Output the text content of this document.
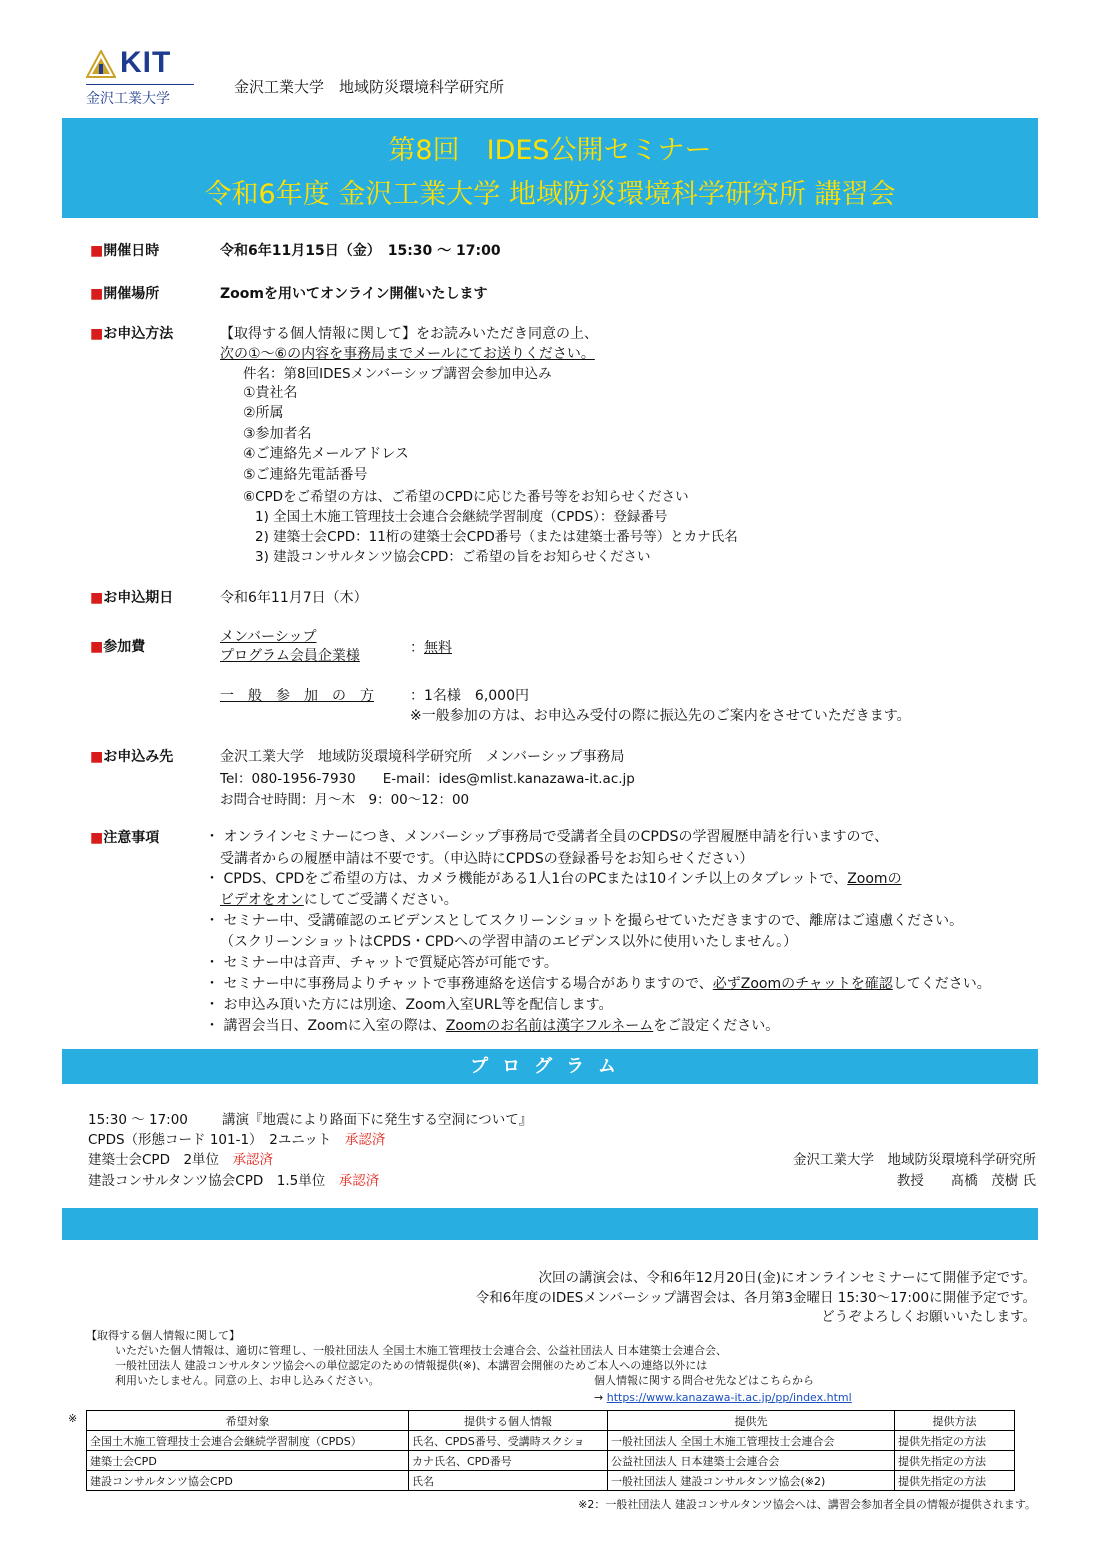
KIT
金沢工業大学
金沢工業大学　地域防災環境科学研究所
第8回　IDES公開セミナー
令和6年度 金沢工業大学 地域防災環境科学研究所 講習会
■開催日時	令和6年11月15日（金）　15:30 ～ 17:00
■開催場所	Zoomを用いてオンライン開催いたします
■お申込方法	【取得する個人情報に関して】をお読みいただき同意の上、
次の①～⑥の内容を事務局までメールにてお送りください。
件名：第8回IDESメンバーシップ講習会参加申込み
①貴社名
②所属
③参加者名
④ご連絡先メールアドレス
⑤ご連絡先電話番号
⑥CPDをご希望の方は、ご希望のCPDに応じた番号等をお知らせください
1) 全国土木施工管理技士会連合会継続学習制度（CPDS）：登録番号
2) 建築士会CPD：11桁の建築士会CPD番号（または建築士番号等）とカナ氏名
3) 建設コンサルタンツ協会CPD：ご希望の旨をお知らせください
■お申込期日	令和6年11月7日（木）
■参加費
メンバーシップ
プログラム会員企業様	：無料
一　般　参　加　の　方	：1名様　6,000円
※一般参加の方は、お申込み受付の際に振込先のご案内をさせていただきます。
■お申込み先	金沢工業大学　地域防災環境科学研究所　メンバーシップ事務局
Tel：080-1956-7930　　E-mail：ides@mlist.kanazawa-it.ac.jp
お問合せ時間：月～木　9：00～12：00
■注意事項	・ オンラインセミナーにつき、メンバーシップ事務局で受講者全員のCPDSの学習履歴申請を行いますので、
受講者からの履歴申請は不要です。（申込時にCPDSの登録番号をお知らせください）
・ CPDS、CPDをご希望の方は、カメラ機能がある1人1台のPCまたは10インチ以上のタブレットで、Zoomの
ビデオをオンにしてご受講ください。
・ セミナー中、受講確認のエビデンスとしてスクリーンショットを撮らせていただきますので、離席はご遠慮ください。
（スクリーンショットはCPDS・CPDへの学習申請のエビデンス以外に使用いたしません。）
・ セミナー中は音声、チャットで質疑応答が可能です。
・ セミナー中に事務局よりチャットで事務連絡を送信する場合がありますので、必ずZoomのチャットを確認してください。
・ お申込み頂いた方には別途、Zoom入室URL等を配信します。
・ 講習会当日、Zoomに入室の際は、Zoomのお名前は漢字フルネームをご設定ください。
プログラム
15:30 ～ 17:00	講演『地震により路面下に発生する空洞について』
CPDS（形態コード 101-1）　2ユニット　承認済
建築士会CPD　2単位　承認済
建設コンサルタンツ協会CPD　1.5単位　承認済
金沢工業大学　地域防災環境科学研究所
教授　　髙橋　茂樹 氏
次回の講演会は、令和6年12月20日(金)にオンラインセミナーにて開催予定です。
令和6年度のIDESメンバーシップ講習会は、各月第3金曜日 15:30～17:00に開催予定です。
どうぞよろしくお願いいたします。
【取得する個人情報に関して】
いただいた個人情報は、適切に管理し、一般社団法人 全国土木施工管理技士会連合会、公益社団法人 日本建築士会連合会、
一般社団法人 建設コンサルタンツ協会への単位認定のための情報提供(※)、本講習会開催のためご本人への連絡以外には
利用いたしません。同意の上、お申し込みください。	個人情報に関する問合せ先などはこちらから
→ https://www.kanazawa-it.ac.jp/pp/index.html
※	希望対象	提供する個人情報	提供先	提供方法
全国土木施工管理技士会連合会継続学習制度（CPDS）	氏名、CPDS番号、受講時スクショ	一般社団法人 全国土木施工管理技士会連合会	提供先指定の方法
建築士会CPD	カナ氏名、CPD番号	公益社団法人 日本建築士会連合会	提供先指定の方法
建設コンサルタンツ協会CPD	氏名	一般社団法人 建設コンサルタンツ協会(※2)	提供先指定の方法
※2：一般社団法人 建設コンサルタンツ協会へは、講習会参加者全員の情報が提供されます。
